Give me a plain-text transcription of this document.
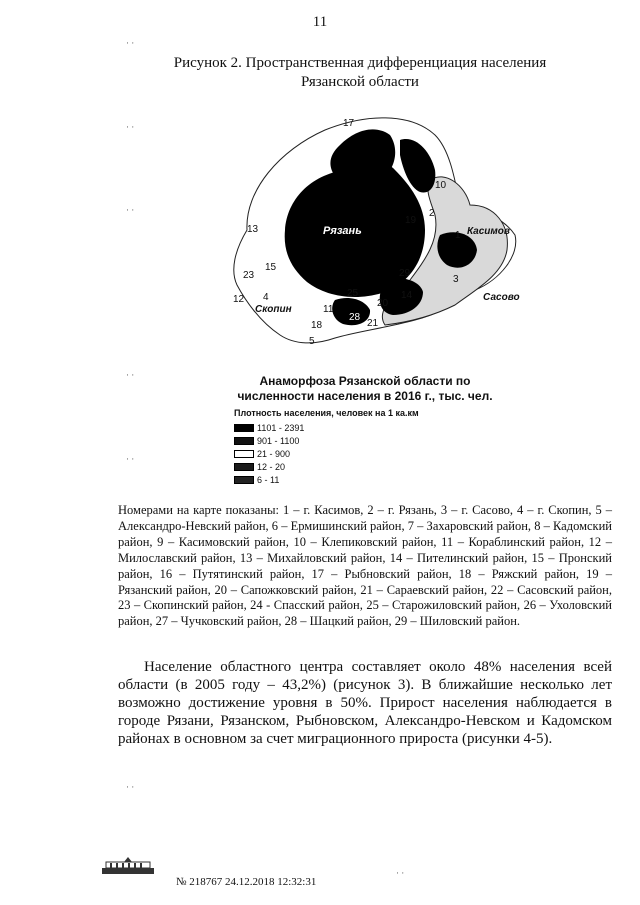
11
Рисунок 2. Пространственная дифференциация населения
Рязанской области
17
19
13
15
23
12 4	25
11
18
5
29
1
3
10
2
20
28
21
14
Рязань	Касимов
Сасово
Скопин
Анаморфоза Рязанской области по
численности населения в 2016 г., тыс. чел.
Плотность населения, человек на 1 ка.км
1101 - 2391
901 - 1100
21 - 900
12 - 20
6 - 11
Номерами на карте показаны: 1 – г. Касимов, 2 – г. Рязань, 3 – г. Сасово, 4 – г. Скопин, 5 – Александро-Невский район, 6 – Ермишинский район, 7 – Захаровский район, 8 – Кадомский район, 9 – Касимовский район, 10 – Клепиковский район, 11 – Кораблинский район, 12 – Милославский район, 13 – Михайловский район, 14 – Пителинский район, 15 – Пронский район, 16 – Путятинский район, 17 – Рыбновский район, 18 – Ряжский район, 19 – Рязанский район, 20 – Сапожковский район, 21 – Сараевский район, 22 – Сасовский район, 23 – Скопинский район, 24 - Спасский район, 25 – Старожиловский район, 26 – Ухоловский район, 27 – Чучковский район, 28 – Шацкий район, 29 – Шиловский район.
Население областного центра составляет около 48% населения всей области (в 2005 году – 43,2%) (рисунок 3). В ближайшие несколько лет возможно достижение уровня в 50%. Прирост населения наблюдается в городе Рязани, Рязанском, Рыбновском, Александро-Невском и Кадомском районах в основном за счет миграционного прироста (рисунки 4-5).
№ 218767 24.12.2018 12:32:31
· ·
· ·
· ·
· ·
· ·
· ·
· ·
